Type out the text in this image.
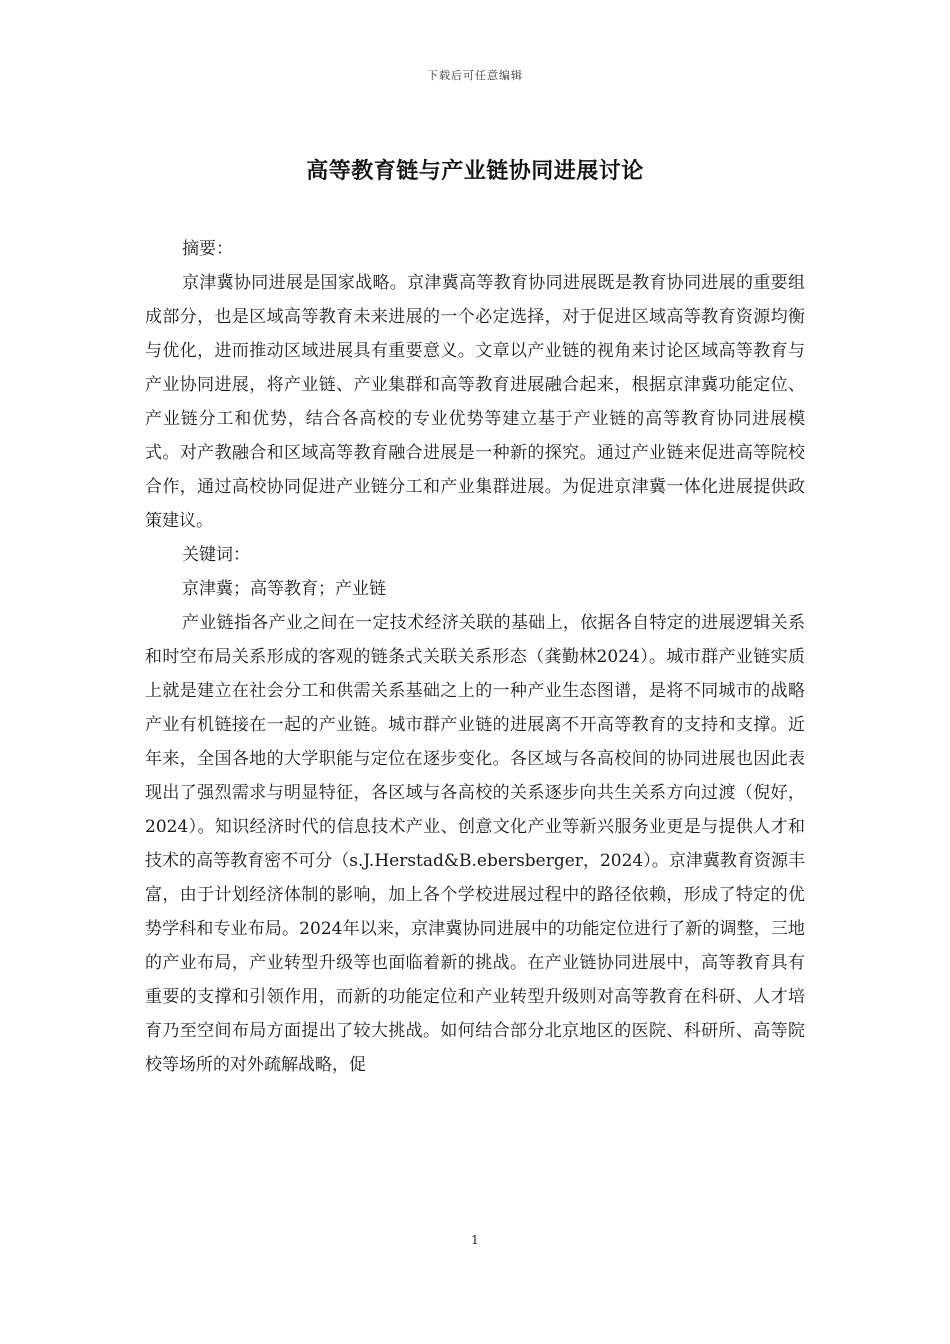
下载后可任意编辑
高等教育链与产业链协同进展讨论

摘要：

京津冀协同进展是国家战略。京津冀高等教育协同进展既是教育协同进展的重要组成部分，也是区域高等教育未来进展的一个必定选择，对于促进区域高等教育资源均衡与优化，进而推动区域进展具有重要意义。文章以产业链的视角来讨论区域高等教育与产业协同进展，将产业链、产业集群和高等教育进展融合起来，根据京津冀功能定位、产业链分工和优势，结合各高校的专业优势等建立基于产业链的高等教育协同进展模式。对产教融合和区域高等教育融合进展是一种新的探究。通过产业链来促进高等院校合作，通过高校协同促进产业链分工和产业集群进展。为促进京津冀一体化进展提供政策建议。

关键词：

京津冀；高等教育；产业链

产业链指各产业之间在一定技术经济关联的基础上，依据各自特定的进展逻辑关系和时空布局关系形成的客观的链条式关联关系形态（龚勤林2024）。城市群产业链实质上就是建立在社会分工和供需关系基础之上的一种产业生态图谱，是将不同城市的战略产业有机链接在一起的产业链。城市群产业链的进展离不开高等教育的支持和支撑。近年来，全国各地的大学职能与定位在逐步变化。各区域与各高校间的协同进展也因此表现出了强烈需求与明显特征，各区域与各高校的关系逐步向共生关系方向过渡（倪好，2024）。知识经济时代的信息技术产业、创意文化产业等新兴服务业更是与提供人才和技术的高等教育密不可分（s.J.Herstad&B.ebersberger，2024）。京津冀教育资源丰富，由于计划经济体制的影响，加上各个学校进展过程中的路径依赖，形成了特定的优势学科和专业布局。2024年以来，京津冀协同进展中的功能定位进行了新的调整，三地的产业布局，产业转型升级等也面临着新的挑战。在产业链协同进展中，高等教育具有重要的支撑和引领作用，而新的功能定位和产业转型升级则对高等教育在科研、人才培育乃至空间布局方面提出了较大挑战。如何结合部分北京地区的医院、科研所、高等院校等场所的对外疏解战略，促

1
